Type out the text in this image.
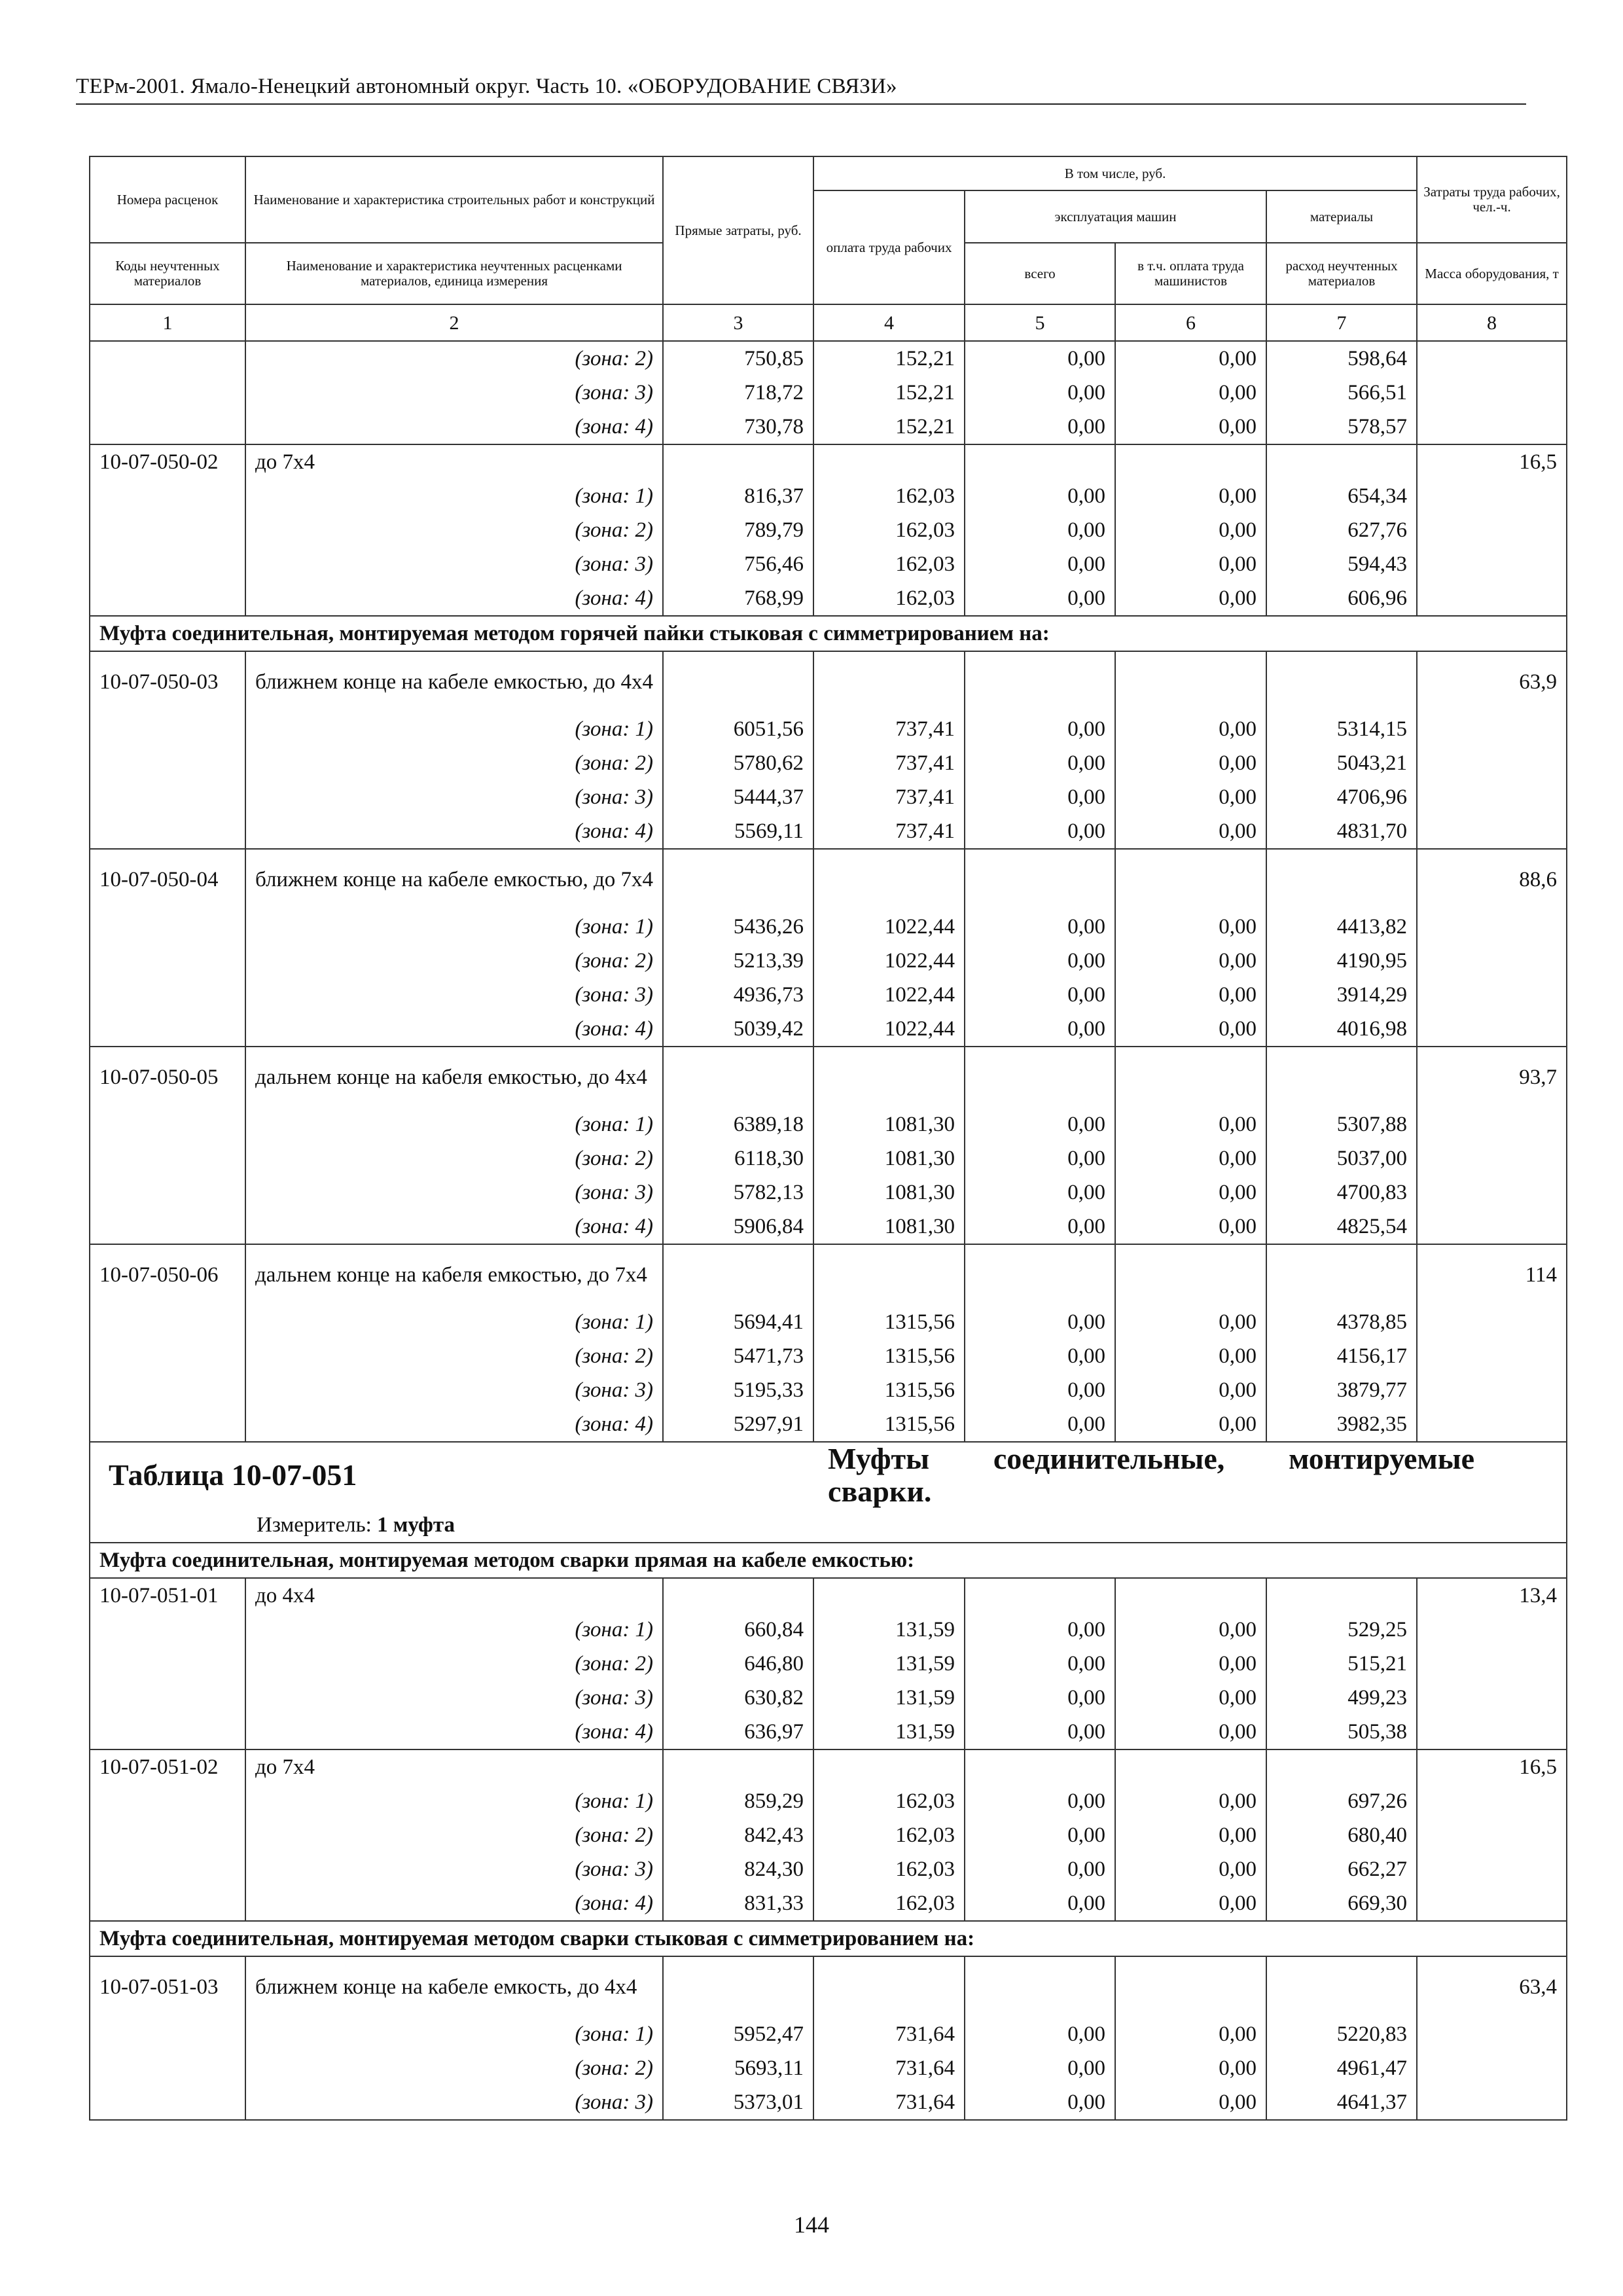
ТЕРм-2001. Ямало-Ненецкий автономный округ. Часть 10. «ОБОРУДОВАНИЕ СВЯЗИ»
Номера расценок	Наименование и характеристика строительных работ и конструкций	Прямые затраты, руб.	В том числе, руб.				Затраты труда рабочих, чел.-ч.
			оплата труда рабочих	эксплуатация машин		материалы	
Коды неучтенных материалов	Наименование и характеристика неучтенных расценками материалов, единица измерения			всего	в т.ч. оплата труда машинистов	расход неучтенных материалов	Масса оборудования, т
1	2	3	4	5	6	7	8
	(зона: 2)	750,85	152,21	0,00	0,00	598,64	
	(зона: 3)	718,72	152,21	0,00	0,00	566,51	
	(зона: 4)	730,78	152,21	0,00	0,00	578,57	
10-07-050-02	до 7х4						16,5
	(зона: 1)	816,37	162,03	0,00	0,00	654,34	
	(зона: 2)	789,79	162,03	0,00	0,00	627,76	
	(зона: 3)	756,46	162,03	0,00	0,00	594,43	
	(зона: 4)	768,99	162,03	0,00	0,00	606,96	
Муфта соединительная, монтируемая методом горячей пайки стыковая с симметрированием на:							
10-07-050-03	ближнем конце на кабеле емкостью, до 4х4						63,9
	(зона: 1)	6051,56	737,41	0,00	0,00	5314,15	
	(зона: 2)	5780,62	737,41	0,00	0,00	5043,21	
	(зона: 3)	5444,37	737,41	0,00	0,00	4706,96	
	(зона: 4)	5569,11	737,41	0,00	0,00	4831,70	
10-07-050-04	ближнем конце на кабеле емкостью, до 7х4						88,6
	(зона: 1)	5436,26	1022,44	0,00	0,00	4413,82	
	(зона: 2)	5213,39	1022,44	0,00	0,00	4190,95	
	(зона: 3)	4936,73	1022,44	0,00	0,00	3914,29	
	(зона: 4)	5039,42	1022,44	0,00	0,00	4016,98	
10-07-050-05	дальнем конце на кабеля емкостью, до 4х4						93,7
	(зона: 1)	6389,18	1081,30	0,00	0,00	5307,88	
	(зона: 2)	6118,30	1081,30	0,00	0,00	5037,00	
	(зона: 3)	5782,13	1081,30	0,00	0,00	4700,83	
	(зона: 4)	5906,84	1081,30	0,00	0,00	4825,54	
10-07-050-06	дальнем конце на кабеля емкостью, до 7х4						114
	(зона: 1)	5694,41	1315,56	0,00	0,00	4378,85	
	(зона: 2)	5471,73	1315,56	0,00	0,00	4156,17	
	(зона: 3)	5195,33	1315,56	0,00	0,00	3879,77	
	(зона: 4)	5297,91	1315,56	0,00	0,00	3982,35	
Таблица 10-07-051			Муфты соединительные, монтируемые
сварки.				

Измеритель: 1 муфта							
Муфта соединительная, монтируемая методом сварки прямая на кабеле емкостью:							
10-07-051-01	до 4х4						13,4
	(зона: 1)	660,84	131,59	0,00	0,00	529,25	
	(зона: 2)	646,80	131,59	0,00	0,00	515,21	
	(зона: 3)	630,82	131,59	0,00	0,00	499,23	
	(зона: 4)	636,97	131,59	0,00	0,00	505,38	
10-07-051-02	до 7х4						16,5
	(зона: 1)	859,29	162,03	0,00	0,00	697,26	
	(зона: 2)	842,43	162,03	0,00	0,00	680,40	
	(зона: 3)	824,30	162,03	0,00	0,00	662,27	
	(зона: 4)	831,33	162,03	0,00	0,00	669,30	
Муфта соединительная, монтируемая методом сварки стыковая с симметрированием на:							
10-07-051-03	ближнем конце на кабеле емкость, до 4х4						63,4
	(зона: 1)	5952,47	731,64	0,00	0,00	5220,83	
	(зона: 2)	5693,11	731,64	0,00	0,00	4961,47	
	(зона: 3)	5373,01	731,64	0,00	0,00	4641,37	
144
